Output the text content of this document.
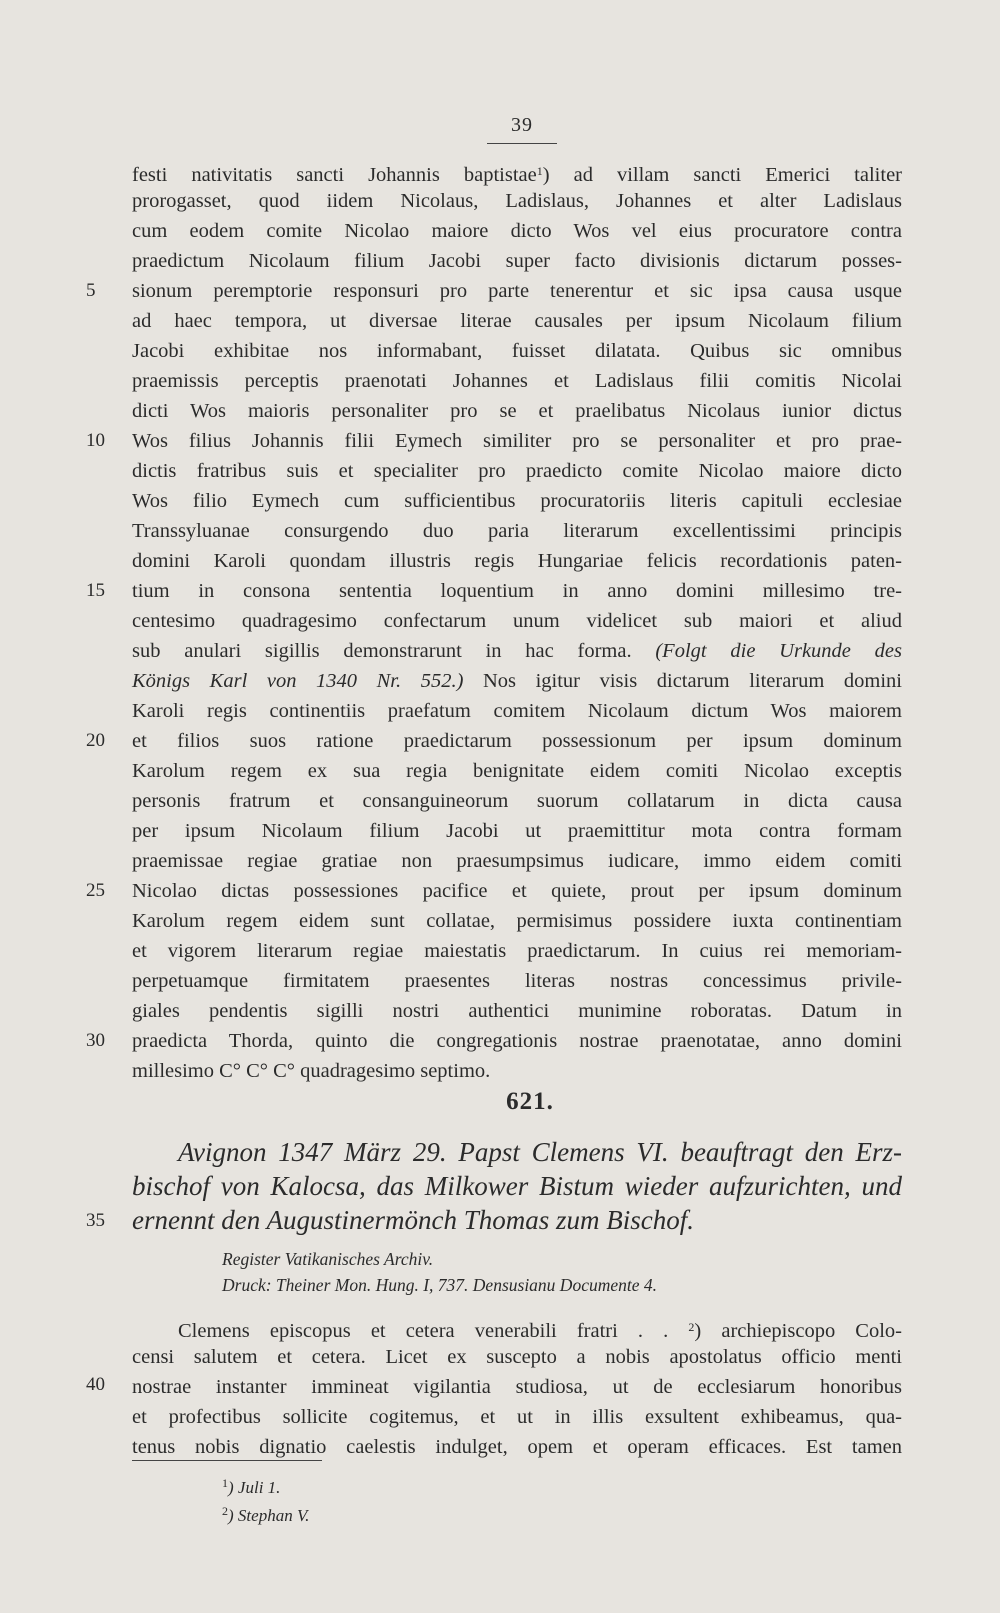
39
festi nativitatis sancti Johannis baptistae$^1$) ad villam sancti Emerici taliter
prorogasset, quod iidem Nicolaus, Ladislaus, Johannes et alter Ladislaus
cum eodem comite Nicolao maiore dicto Wos vel eius procuratore contra
praedictum Nicolaum filium Jacobi super facto divisionis dictarum posses-
sionum peremptorie responsuri pro parte tenerentur et sic ipsa causa usque
ad haec tempora, ut diversae literae causales per ipsum Nicolaum filium
Jacobi exhibitae nos informabant, fuisset dilatata. Quibus sic omnibus
praemissis perceptis praenotati Johannes et Ladislaus filii comitis Nicolai
dicti Wos maioris personaliter pro se et praelibatus Nicolaus iunior dictus
Wos filius Johannis filii Eymech similiter pro se personaliter et pro prae-
dictis fratribus suis et specialiter pro praedicto comite Nicolao maiore dicto
Wos filio Eymech cum sufficientibus procuratoriis literis capituli ecclesiae
Transsyluanae consurgendo duo paria literarum excellentissimi principis
domini Karoli quondam illustris regis Hungariae felicis recordationis paten-
tium in consona sententia loquentium in anno domini millesimo tre-
centesimo quadragesimo confectarum unum videlicet sub maiori et aliud
sub anulari sigillis demonstrarunt in hac forma. (Folgt die Urkunde des
Königs Karl von 1340 Nr. 552.) Nos igitur visis dictarum literarum domini
Karoli regis continentiis praefatum comitem Nicolaum dictum Wos maiorem
et filios suos ratione praedictarum possessionum per ipsum dominum
Karolum regem ex sua regia benignitate eidem comiti Nicolao exceptis
personis fratrum et consanguineorum suorum collatarum in dicta causa
per ipsum Nicolaum filium Jacobi ut praemittitur mota contra formam
praemissae regiae gratiae non praesumpsimus iudicare, immo eidem comiti
Nicolao dictas possessiones pacifice et quiete, prout per ipsum dominum
Karolum regem eidem sunt collatae, permisimus possidere iuxta continentiam
et vigorem literarum regiae maiestatis praedictarum. In cuius rei memoriam-
perpetuamque firmitatem praesentes literas nostras concessimus privile-
giales pendentis sigilli nostri authentici munimine roboratas. Datum in
praedicta Thorda, quinto die congregationis nostrae praenotatae, anno domini
millesimo C° C° C° quadragesimo septimo.
5
10
15
20
25
30
35
40
621.
Avignon 1347 März 29. Papst Clemens VI. beauftragt den Erz-
bischof von Kalocsa, das Milkower Bistum wieder aufzurichten, und
ernennt den Augustinermönch Thomas zum Bischof.
Register Vatikanisches Archiv.
Druck: Theiner Mon. Hung. I, 737. Densusianu Documente 4.
Clemens episcopus et cetera venerabili fratri . . $^2$) archiepiscopo Colo-
censi salutem et cetera. Licet ex suscepto a nobis apostolatus officio menti
nostrae instanter immineat vigilantia studiosa, ut de ecclesiarum honoribus
et profectibus sollicite cogitemus, et ut in illis exsultent exhibeamus, qua-
tenus nobis dignatio caelestis indulget, opem et operam efficaces. Est tamen
$^1$) Juli 1.
$^2$) Stephan V.
